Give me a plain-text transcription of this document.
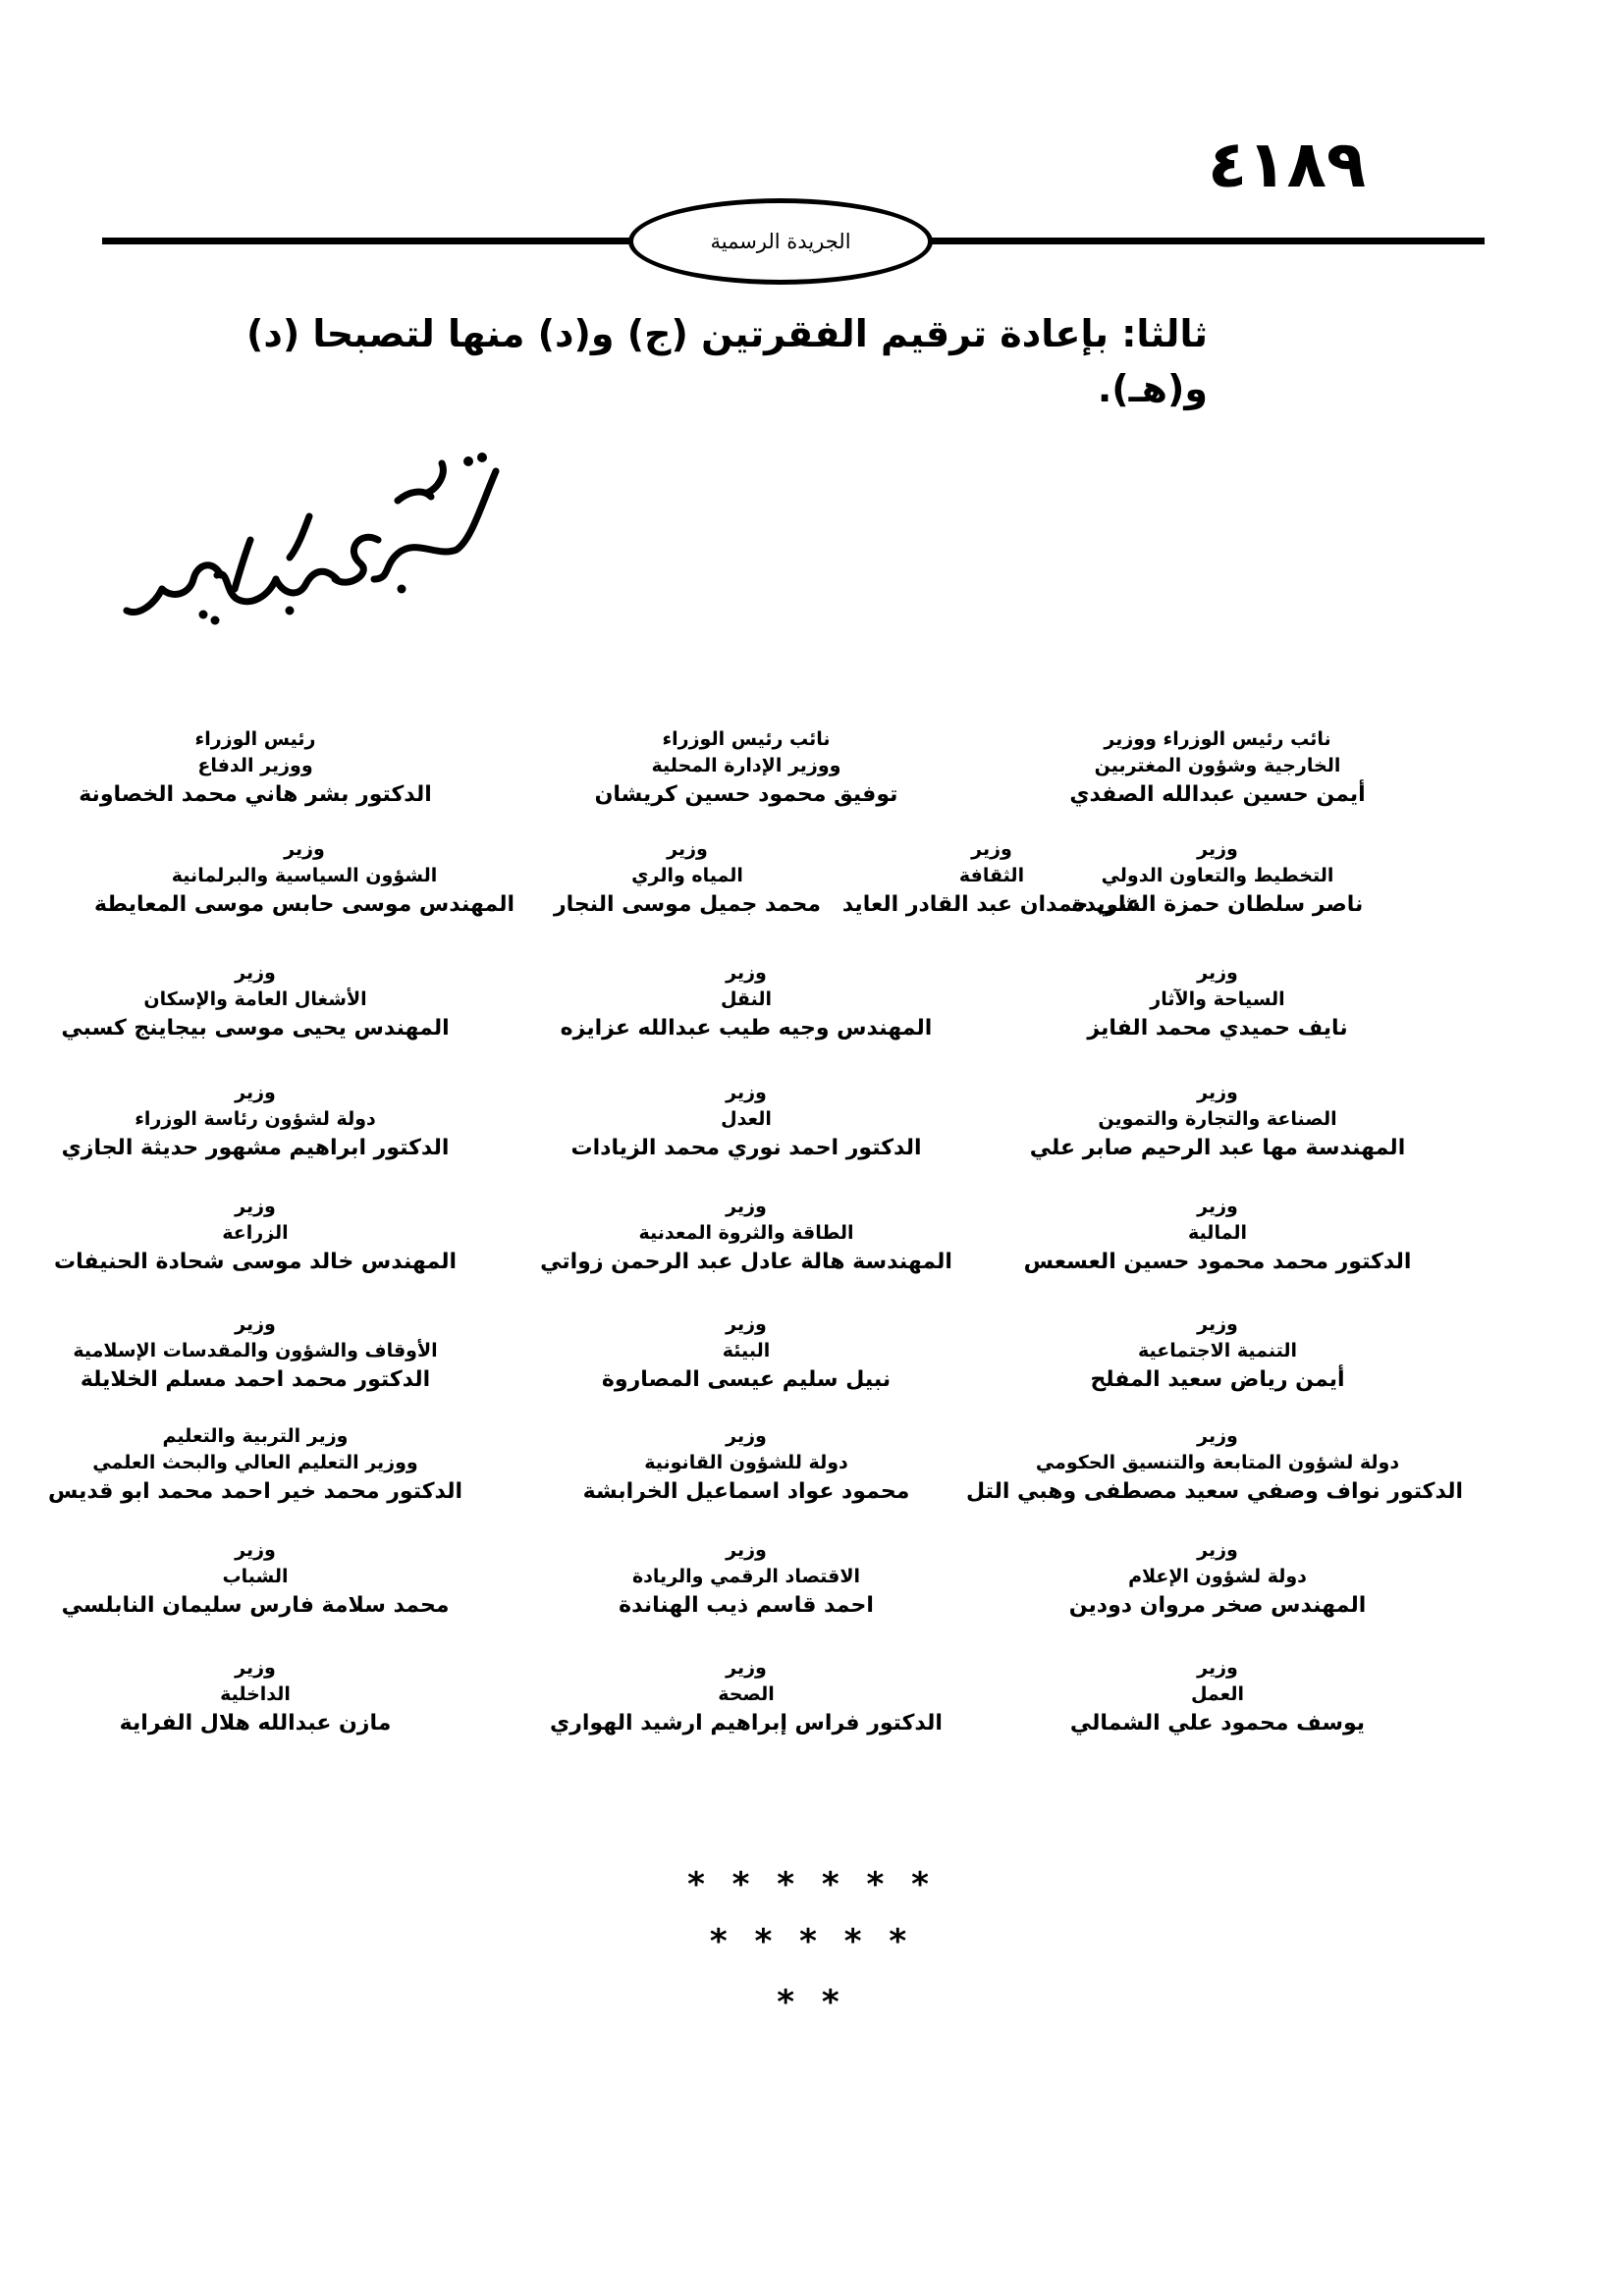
٤١٨٩
الجريدة الرسمية
ثالثا: بإعادة ترقيم الفقرتين (ج) و(د) منها لتصبحا (د) و(هـ).
نائب رئيس الوزراء ووزير
الخارجية وشؤون المغتربين
أيمن حسين عبدالله الصفدي
نائب رئيس الوزراء
ووزير الإدارة المحلية
توفيق محمود حسين كريشان
رئيس الوزراء
ووزير الدفاع
الدكتور بشر هاني محمد الخصاونة
وزير
التخطيط والتعاون الدولي
ناصر سلطان حمزة الشريدة
وزير
الثقافة
علي حمدان عبد القادر العايد
وزير
المياه والري
محمد جميل موسى النجار
وزير
الشؤون السياسية والبرلمانية
المهندس موسى حابس موسى المعايطة
وزير
السياحة والآثار
نايف حميدي محمد الفايز
وزير
النقل
المهندس وجيه طيب عبدالله عزايزه
وزير
الأشغال العامة والإسكان
المهندس يحيى موسى بيجاينج كسبي
وزير
الصناعة والتجارة والتموين
المهندسة مها عبد الرحيم صابر علي
وزير
العدل
الدكتور احمد نوري محمد الزيادات
وزير
دولة لشؤون رئاسة الوزراء
الدكتور ابراهيم مشهور حديثة الجازي
وزير
المالية
الدكتور محمد محمود حسين العسعس
وزير
الطاقة والثروة المعدنية
المهندسة هالة عادل عبد الرحمن زواتي
وزير
الزراعة
المهندس خالد موسى شحادة الحنيفات
وزير
التنمية الاجتماعية
أيمن رياض سعيد المفلح
وزير
البيئة
نبيل سليم عيسى المصاروة
وزير
الأوقاف والشؤون والمقدسات الإسلامية
الدكتور محمد احمد مسلم الخلايلة
وزير
دولة لشؤون المتابعة والتنسيق الحكومي
الدكتور نواف وصفي سعيد مصطفى وهبي التل
وزير
دولة للشؤون القانونية
محمود عواد اسماعيل الخرابشة
وزير التربية والتعليم
ووزير التعليم العالي والبحث العلمي
الدكتور محمد خير احمد محمد ابو قديس
وزير
دولة لشؤون الإعلام
المهندس صخر مروان دودين
وزير
الاقتصاد الرقمي والريادة
احمد قاسم ذيب الهناندة
وزير
الشباب
محمد سلامة فارس سليمان النابلسي
وزير
العمل
يوسف محمود علي الشمالي
وزير
الصحة
الدكتور فراس إبراهيم ارشيد الهواري
وزير
الداخلية
مازن عبدالله هلال الفراية
* * * * * *
* * * * *
* *
